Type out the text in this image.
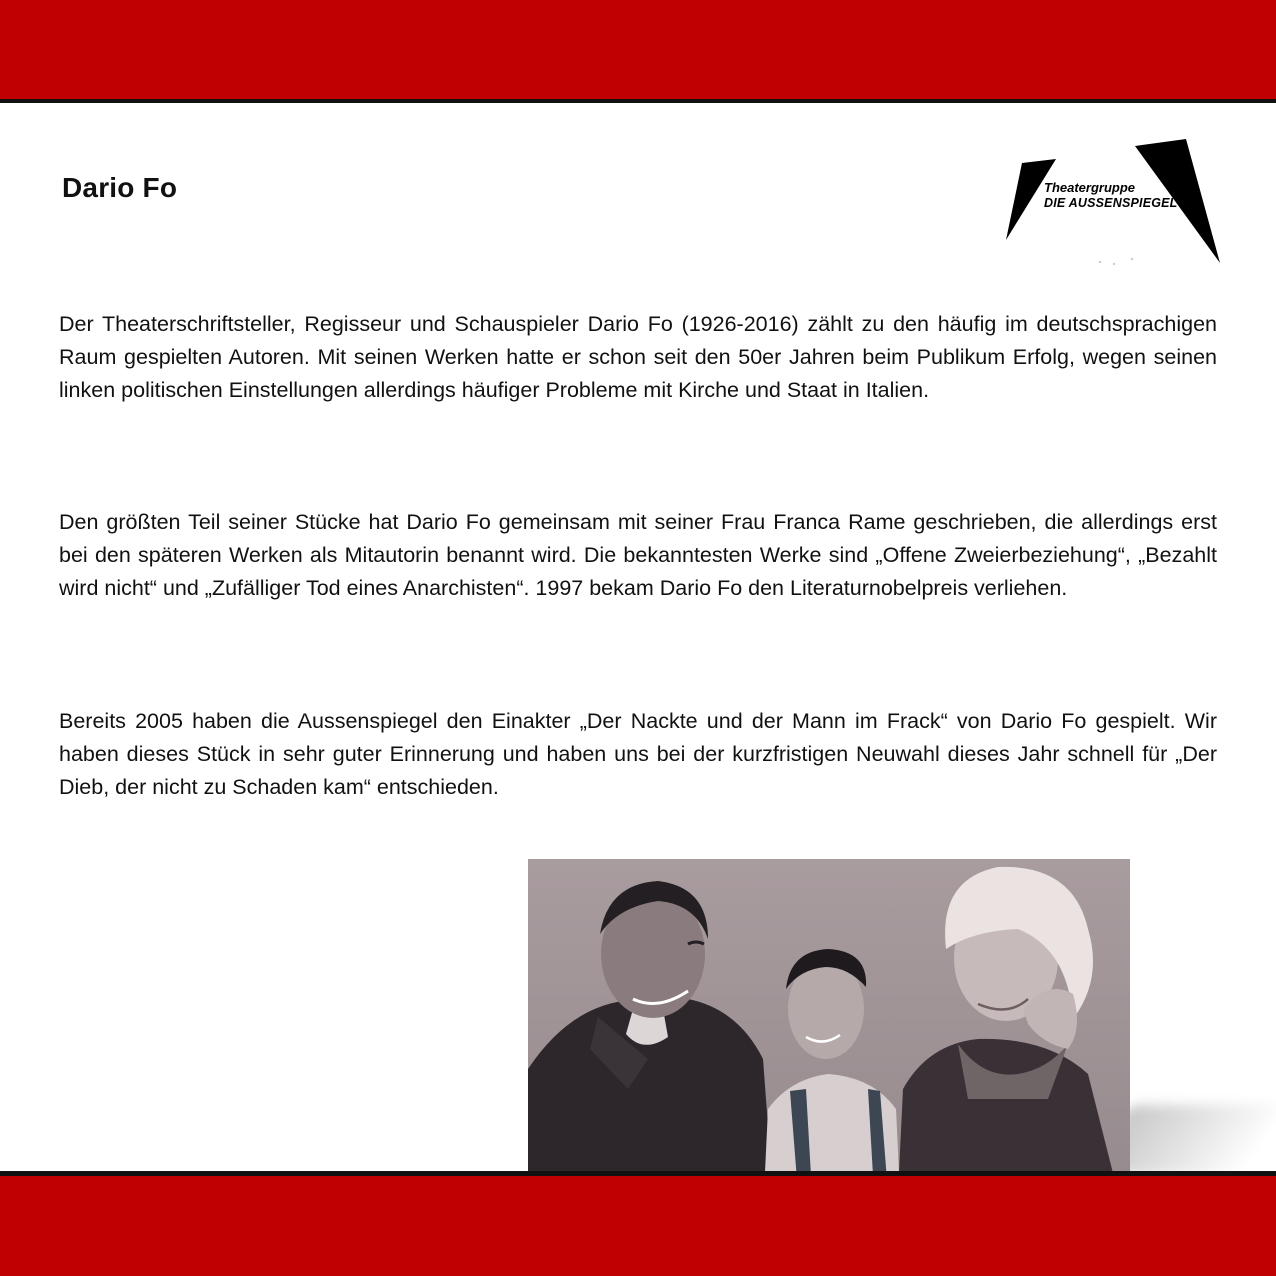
Dario Fo	Theatergruppe
DIE AUSSENSPIEGEL
Der Theaterschriftsteller, Regisseur und Schauspieler Dario Fo (1926-2016) zählt zu den häufig im deutschsprachigen Raum gespielten Autoren. Mit seinen Werken hatte er schon seit den 50er Jahren beim Publikum Erfolg, wegen seinen linken politischen Einstellungen allerdings häufiger Probleme mit Kirche und Staat in Italien.
Den größten Teil seiner Stücke hat Dario Fo gemeinsam mit seiner Frau Franca Rame geschrieben, die allerdings erst bei den späteren Werken als Mitautorin benannt wird. Die bekanntesten Werke sind „Offene Zweierbeziehung“, „Bezahlt wird nicht“ und „Zufälliger Tod eines Anarchisten“. 1997 bekam Dario Fo den Literaturnobelpreis verliehen.
Bereits 2005 haben die Aussenspiegel den Einakter „Der Nackte und der Mann im Frack“ von Dario Fo gespielt. Wir haben dieses Stück in sehr guter Erinnerung und haben uns bei der kurzfristigen Neuwahl dieses Jahr schnell für „Der Dieb, der nicht zu Schaden kam“ entschieden.
